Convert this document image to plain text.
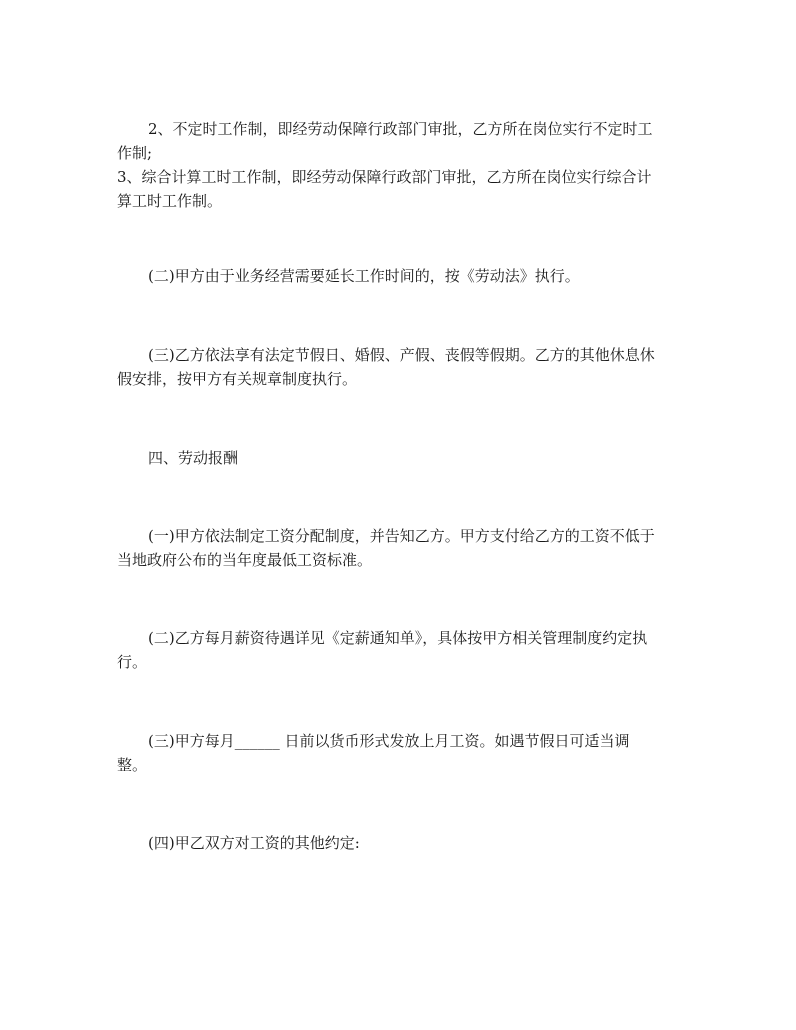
2、不定时工作制，即经劳动保障行政部门审批，乙方所在岗位实行不定时工
作制;
3、综合计算工时工作制，即经劳动保障行政部门审批，乙方所在岗位实行综合计
算工时工作制。
(二)甲方由于业务经营需要延长工作时间的，按《劳动法》执行。
(三)乙方依法享有法定节假日、婚假、产假、丧假等假期。乙方的其他休息休
假安排，按甲方有关规章制度执行。
四、劳动报酬
(一)甲方依法制定工资分配制度，并告知乙方。甲方支付给乙方的工资不低于
当地政府公布的当年度最低工资标准。
(二)乙方每月薪资待遇详见《定薪通知单》，具体按甲方相关管理制度约定执
行。
(三)甲方每月______ 日前以货币形式发放上月工资。如遇节假日可适当调
整。
(四)甲乙双方对工资的其他约定:
